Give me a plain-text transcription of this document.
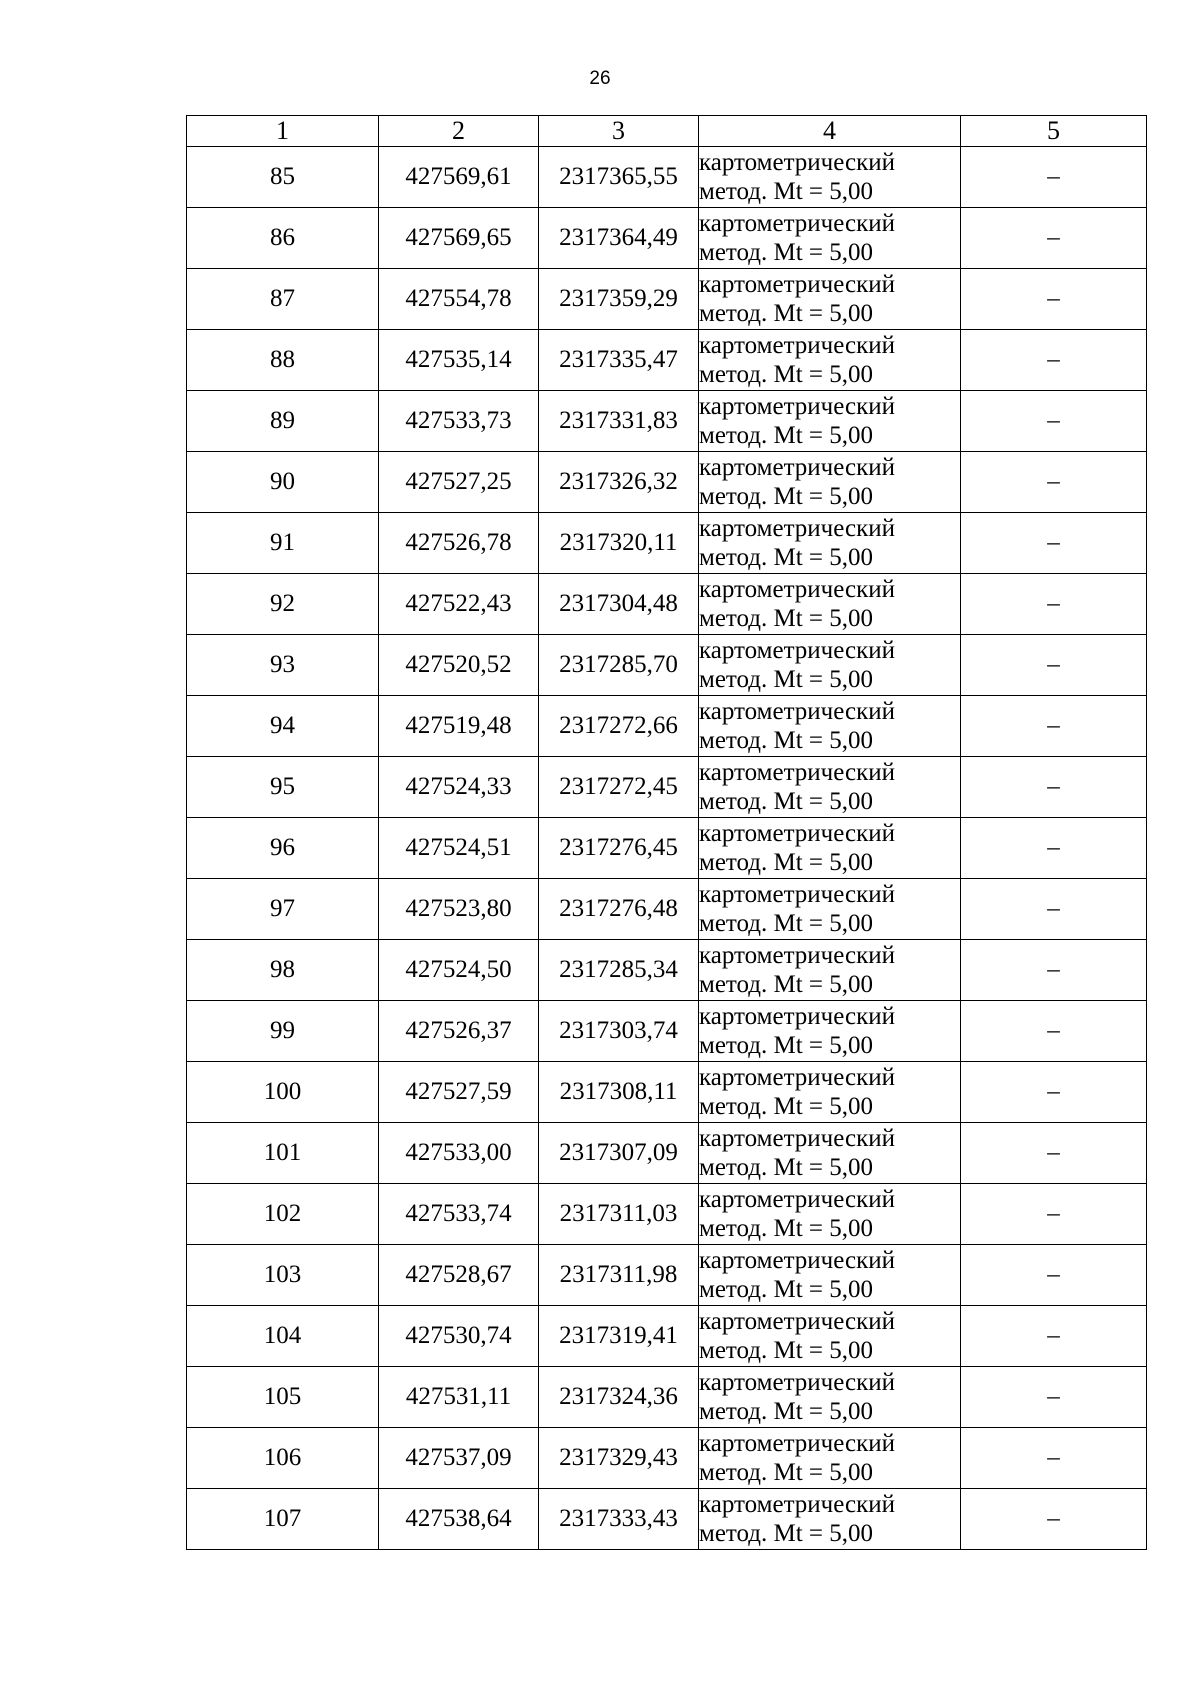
26
1	2	3	4	5
85	427569,61	2317365,55	картометрический
метод. Mt = 5,00	–
86	427569,65	2317364,49	картометрический
метод. Mt = 5,00	–
87	427554,78	2317359,29	картометрический
метод. Mt = 5,00	–
88	427535,14	2317335,47	картометрический
метод. Mt = 5,00	–
89	427533,73	2317331,83	картометрический
метод. Mt = 5,00	–
90	427527,25	2317326,32	картометрический
метод. Mt = 5,00	–
91	427526,78	2317320,11	картометрический
метод. Mt = 5,00	–
92	427522,43	2317304,48	картометрический
метод. Mt = 5,00	–
93	427520,52	2317285,70	картометрический
метод. Mt = 5,00	–
94	427519,48	2317272,66	картометрический
метод. Mt = 5,00	–
95	427524,33	2317272,45	картометрический
метод. Mt = 5,00	–
96	427524,51	2317276,45	картометрический
метод. Mt = 5,00	–
97	427523,80	2317276,48	картометрический
метод. Mt = 5,00	–
98	427524,50	2317285,34	картометрический
метод. Mt = 5,00	–
99	427526,37	2317303,74	картометрический
метод. Mt = 5,00	–
100	427527,59	2317308,11	картометрический
метод. Mt = 5,00	–
101	427533,00	2317307,09	картометрический
метод. Mt = 5,00	–
102	427533,74	2317311,03	картометрический
метод. Mt = 5,00	–
103	427528,67	2317311,98	картометрический
метод. Mt = 5,00	–
104	427530,74	2317319,41	картометрический
метод. Mt = 5,00	–
105	427531,11	2317324,36	картометрический
метод. Mt = 5,00	–
106	427537,09	2317329,43	картометрический
метод. Mt = 5,00	–
107	427538,64	2317333,43	картометрический
метод. Mt = 5,00	–
